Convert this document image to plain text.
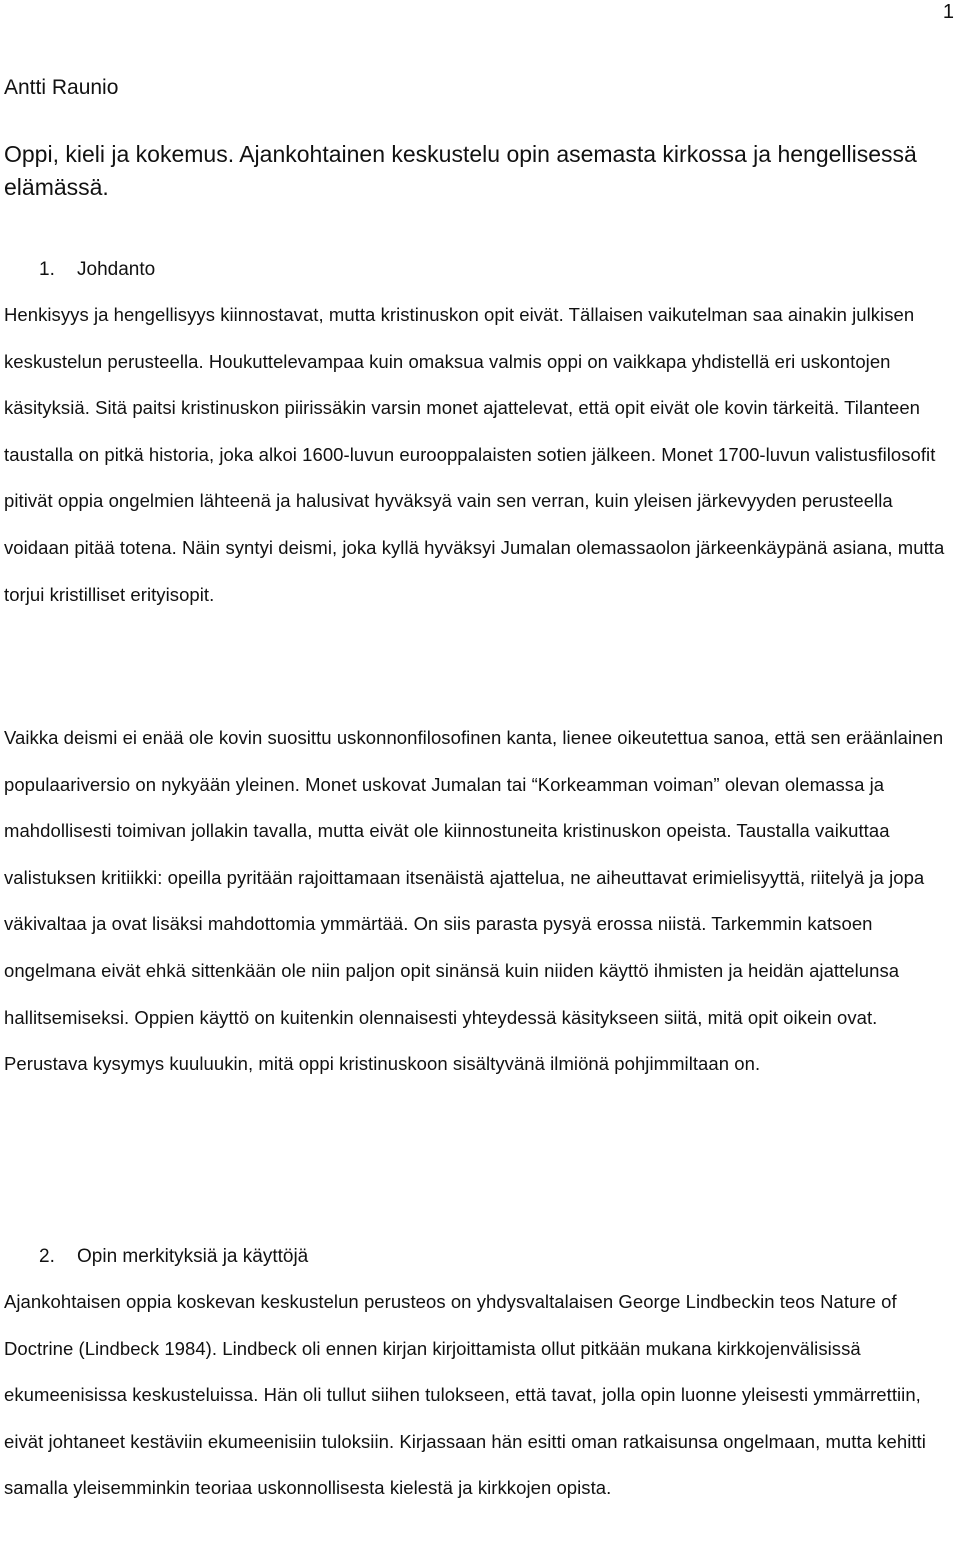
1
Antti Raunio
Oppi, kieli ja kokemus. Ajankohtainen keskustelu opin asemasta kirkossa ja hengellisessä elämässä.
1. Johdanto

Henkisyys ja hengellisyys kiinnostavat, mutta kristinuskon opit eivät. Tällaisen vaikutelman saa ainakin julkisen keskustelun perusteella. Houkuttelevampaa kuin omaksua valmis oppi on vaikkapa yhdistellä eri uskontojen käsityksiä. Sitä paitsi kristinuskon piirissäkin varsin monet ajattelevat, että opit eivät ole kovin tärkeitä. Tilanteen taustalla on pitkä historia, joka alkoi 1600-luvun eurooppalaisten sotien jälkeen. Monet 1700-luvun valistusfilosofit pitivät oppia ongelmien lähteenä ja halusivat hyväksyä vain sen verran, kuin yleisen järkevyyden perusteella voidaan pitää totena. Näin syntyi deismi, joka kyllä hyväksyi Jumalan olemassaolon järkeenkäypänä asiana, mutta torjui kristilliset erityisopit.

Vaikka deismi ei enää ole kovin suosittu uskonnonfilosofinen kanta, lienee oikeutettua sanoa, että sen eräänlainen populaariversio on nykyään yleinen. Monet uskovat Jumalan tai “Korkeamman voiman” olevan olemassa ja mahdollisesti toimivan jollakin tavalla, mutta eivät ole kiinnostuneita kristinuskon opeista. Taustalla vaikuttaa valistuksen kritiikki: opeilla pyritään rajoittamaan itsenäistä ajattelua, ne aiheuttavat erimielisyyttä, riitelyä ja jopa väkivaltaa ja ovat lisäksi mahdottomia ymmärtää. On siis parasta pysyä erossa niistä. Tarkemmin katsoen ongelmana eivät ehkä sittenkään ole niin paljon opit sinänsä kuin niiden käyttö ihmisten ja heidän ajattelunsa hallitsemiseksi. Oppien käyttö on kuitenkin olennaisesti yhteydessä käsitykseen siitä, mitä opit oikein ovat. Perustava kysymys kuuluukin, mitä oppi kristinuskoon sisältyvänä ilmiönä pohjimmiltaan on.

2. Opin merkityksiä ja käyttöjä

Ajankohtaisen oppia koskevan keskustelun perusteos on yhdysvaltalaisen George Lindbeckin teos Nature of Doctrine (Lindbeck 1984). Lindbeck oli ennen kirjan kirjoittamista ollut pitkään mukana kirkkojenvälisissä ekumeenisissa keskusteluissa. Hän oli tullut siihen tulokseen, että tavat, jolla opin luonne yleisesti ymmärrettiin, eivät johtaneet kestäviin ekumeenisiin tuloksiin. Kirjassaan hän esitti oman ratkaisunsa ongelmaan, mutta kehitti samalla yleisemminkin teoriaa uskonnollisesta kielestä ja kirkkojen opista.
